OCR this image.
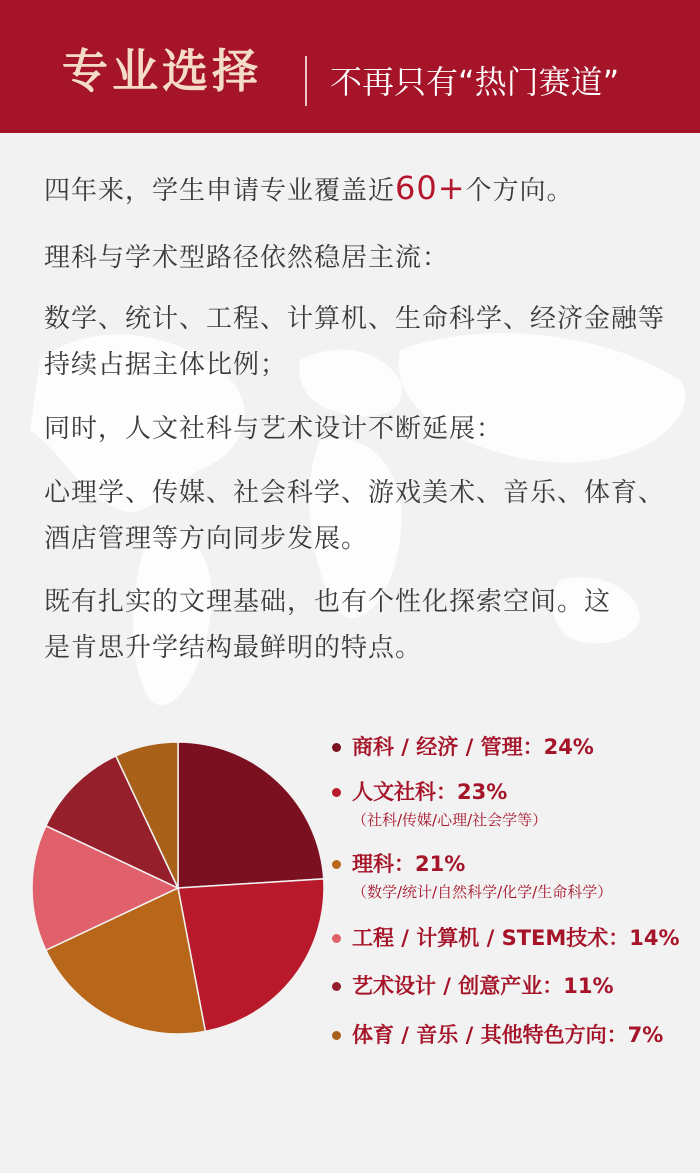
专业选择 不再只有“热门赛道”
四年来，学生申请专业覆盖近60+个方向。
理科与学术型路径依然稳居主流：
数学、统计、工程、计算机、生命科学、经济金融等
持续占据主体比例；
同时，人文社科与艺术设计不断延展：
心理学、传媒、社会科学、游戏美术、音乐、体育、
酒店管理等方向同步发展。
既有扎实的文理基础，也有个性化探索空间。这
是肯思升学结构最鲜明的特点。
商科 / 经济 / 管理：24%
人文社科：23%
（社科/传媒/心理/社会学等）
理科：21%
（数学/统计/自然科学/化学/生命科学）
工程 / 计算机 / STEM技术：14%
艺术设计 / 创意产业：11%
体育 / 音乐 / 其他特色方向：7%
